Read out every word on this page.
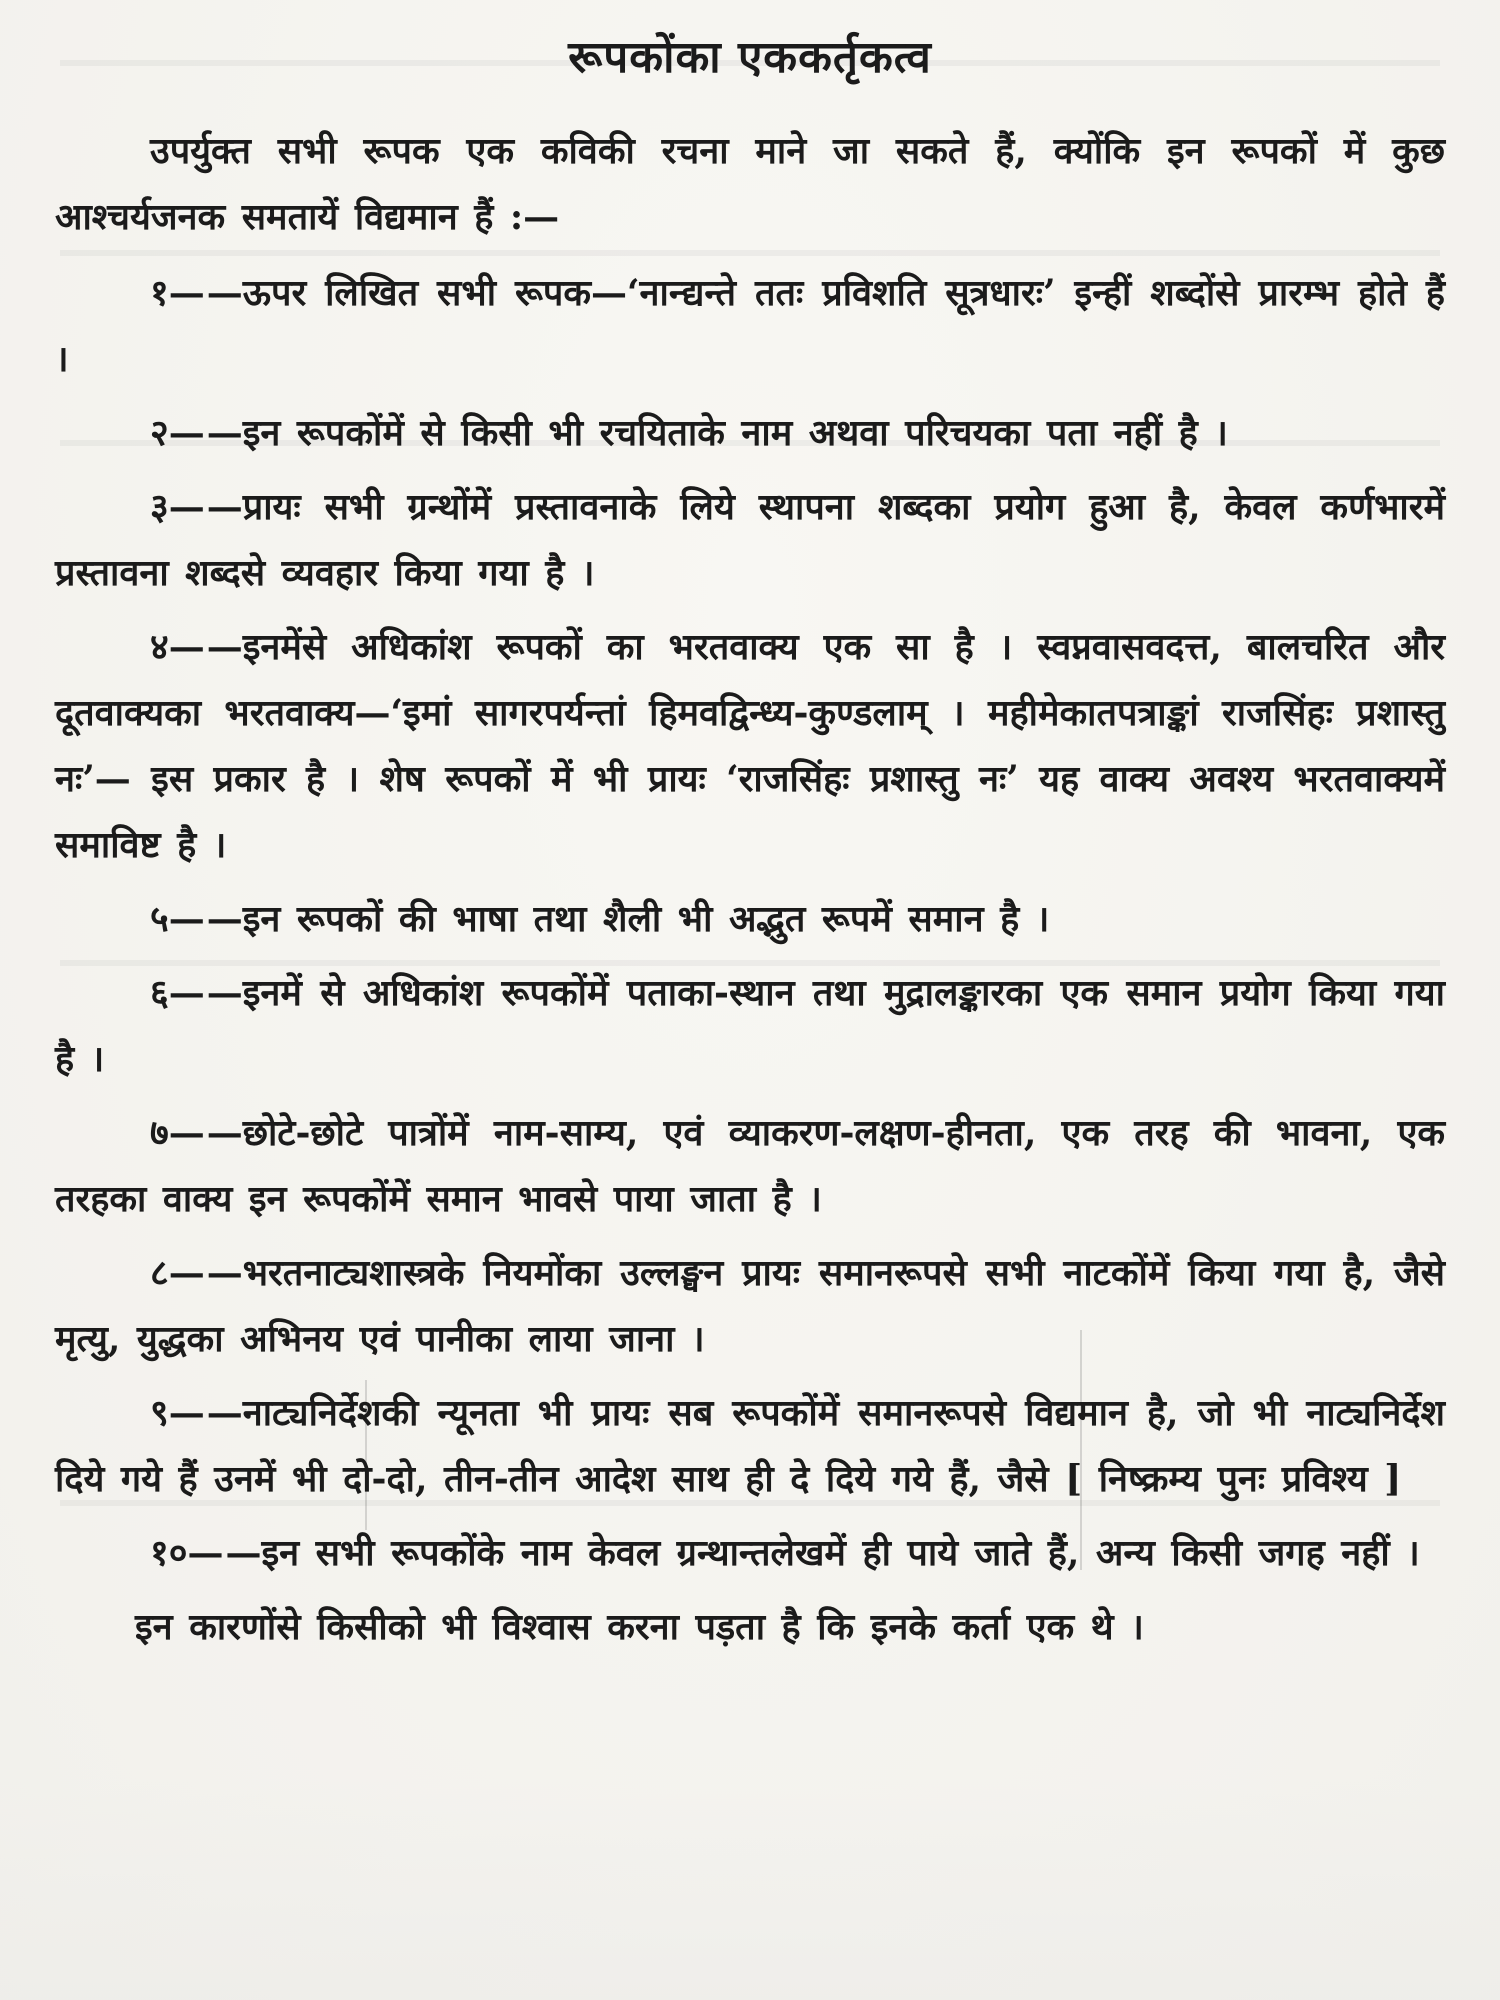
रूपकोंका एककर्तृकत्व

उपर्युक्त सभी रूपक एक कविकी रचना माने जा सकते हैं, क्योंकि इन रूपकों में कुछ आश्चर्यजनक समतायें विद्यमान हैं :—

१——ऊपर लिखित सभी रूपक—‘नान्द्यन्ते ततः प्रविशति सूत्रधारः’ इन्हीं शब्दोंसे प्रारम्भ होते हैं ।

२——इन रूपकोंमें से किसी भी रचयिताके नाम अथवा परिचयका पता नहीं है ।

३——प्रायः सभी ग्रन्थोंमें प्रस्तावनाके लिये स्थापना शब्दका प्रयोग हुआ है, केवल कर्णभारमें प्रस्तावना शब्दसे व्यवहार किया गया है ।

४——इनमेंसे अधिकांश रूपकों का भरतवाक्य एक सा है । स्वप्नवासवदत्त, बालचरित और दूतवाक्यका भरतवाक्य—‘इमां सागरपर्यन्तां हिमवद्विन्ध्य-कुण्डलाम् । महीमेकातपत्राङ्कां राजसिंहः प्रशास्तु नः’— इस प्रकार है । शेष रूपकों में भी प्रायः ‘राजसिंहः प्रशास्तु नः’ यह वाक्य अवश्य भरतवाक्यमें समाविष्ट है ।

५——इन रूपकों की भाषा तथा शैली भी अद्भुत रूपमें समान है ।

६——इनमें से अधिकांश रूपकोंमें पताका-स्थान तथा मुद्रालङ्कारका एक समान प्रयोग किया गया है ।

७——छोटे-छोटे पात्रोंमें नाम-साम्य, एवं व्याकरण-लक्षण-हीनता, एक तरह की भावना, एक तरहका वाक्य इन रूपकोंमें समान भावसे पाया जाता है ।

८——भरतनाट्यशास्त्रके नियमोंका उल्लङ्घन प्रायः समानरूपसे सभी नाटकोंमें किया गया है, जैसे मृत्यु, युद्धका अभिनय एवं पानीका लाया जाना ।

९——नाट्यनिर्देशकी न्यूनता भी प्रायः सब रूपकोंमें समानरूपसे विद्यमान है, जो भी नाट्यनिर्देश दिये गये हैं उनमें भी दो-दो, तीन-तीन आदेश साथ ही दे दिये गये हैं, जैसे [ निष्क्रम्य पुनः प्रविश्य ]

१०——इन सभी रूपकोंके नाम केवल ग्रन्थान्तलेखमें ही पाये जाते हैं, अन्य किसी जगह नहीं ।

इन कारणोंसे किसीको भी विश्वास करना पड़ता है कि इनके कर्ता एक थे ।
